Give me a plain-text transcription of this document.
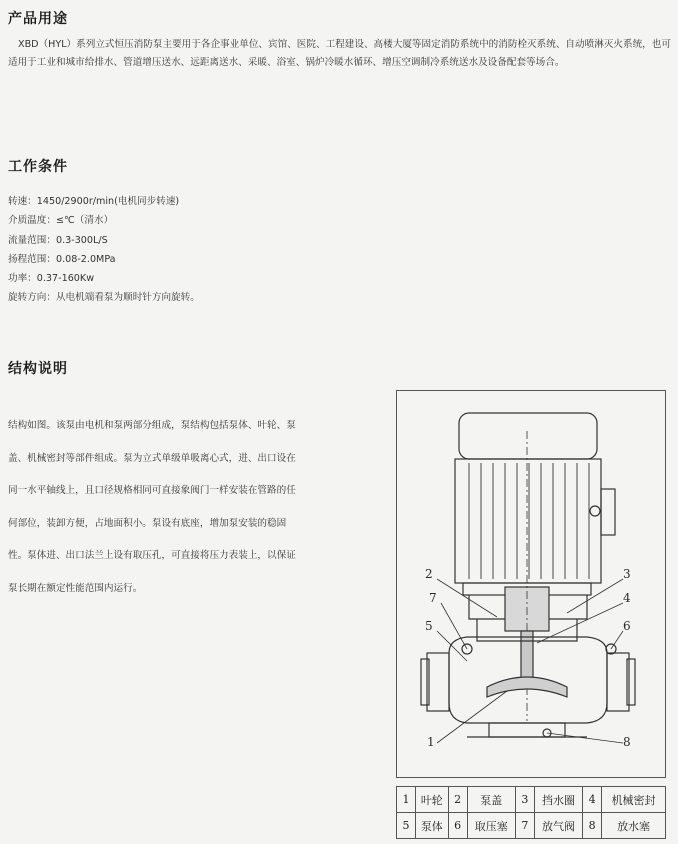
产品用途

XBD（HYL）系列立式恒压消防泵主要用于各企事业单位、宾馆、医院、工程建设、高楼大厦等固定消防系统中的消防栓灭系统、自动喷淋灭火系统，也可适用于工业和城市给排水、管道增压送水、远距离送水、采暖、浴室、锅炉冷暖水循环、增压空调制冷系统送水及设备配套等场合。

工作条件
转速：1450/2900r/min(电机同步转速)
介质温度：≤℃（清水）
流量范围：0.3-300L/S
扬程范围：0.08-2.0MPa
功率：0.37-160Kw
旋转方向：从电机端看泵为顺时针方向旋转。
结构说明
结构如图。该泵由电机和泵两部分组成，泵结构包括泵体、叶轮、泵
盖、机械密封等部件组成。泵为立式单级单吸离心式，进、出口设在
同一水平轴线上，且口径规格相同可直接象阀门一样安装在管路的任
何部位，装卸方便，占地面积小。泵设有底座，增加泵安装的稳固
性。泵体进、出口法兰上设有取压孔，可直接将压力表装上，以保证
泵长期在额定性能范围内运行。
2	3
7	4
5	6
1	8
1	叶轮	2	泵盖	3	挡水圈	4	机械密封
5	泵体	6	取压塞	7	放气阀	8	放水塞
